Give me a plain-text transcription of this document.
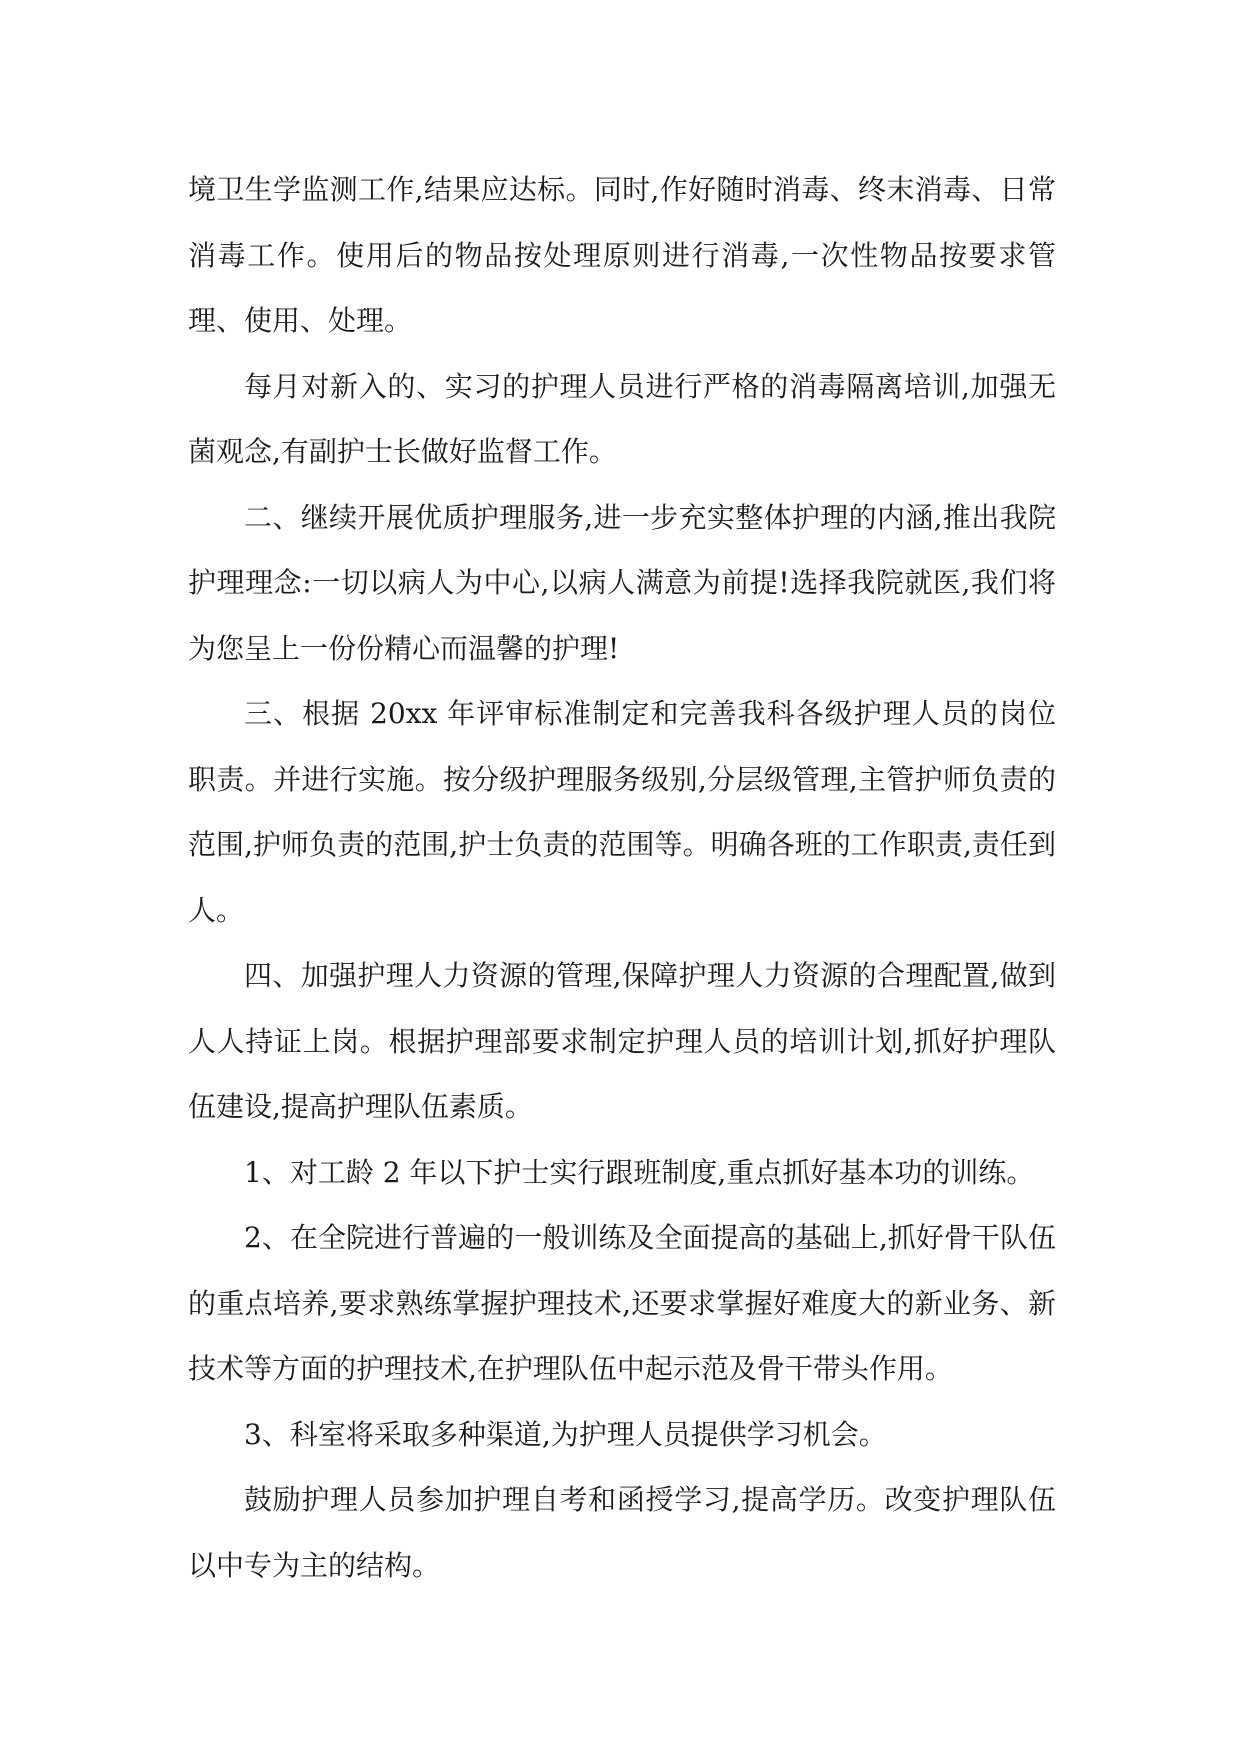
境卫生学监测工作,结果应达标。同时,作好随时消毒、终末消毒、日常消毒工作。使用后的物品按处理原则进行消毒,一次性物品按要求管理、使用、处理。

每月对新入的、实习的护理人员进行严格的消毒隔离培训,加强无菌观念,有副护士长做好监督工作。

二、继续开展优质护理服务,进一步充实整体护理的内涵,推出我院护理理念:一切以病人为中心,以病人满意为前提!选择我院就医,我们将为您呈上一份份精心而温馨的护理!

三、根据 20xx 年评审标准制定和完善我科各级护理人员的岗位职责。并进行实施。按分级护理服务级别,分层级管理,主管护师负责的范围,护师负责的范围,护士负责的范围等。明确各班的工作职责,责任到人。

四、加强护理人力资源的管理,保障护理人力资源的合理配置,做到人人持证上岗。根据护理部要求制定护理人员的培训计划,抓好护理队伍建设,提高护理队伍素质。

1、对工龄 2 年以下护士实行跟班制度,重点抓好基本功的训练。

2、在全院进行普遍的一般训练及全面提高的基础上,抓好骨干队伍的重点培养,要求熟练掌握护理技术,还要求掌握好难度大的新业务、新技术等方面的护理技术,在护理队伍中起示范及骨干带头作用。

3、科室将采取多种渠道,为护理人员提供学习机会。

鼓励护理人员参加护理自考和函授学习,提高学历。改变护理队伍以中专为主的结构。
